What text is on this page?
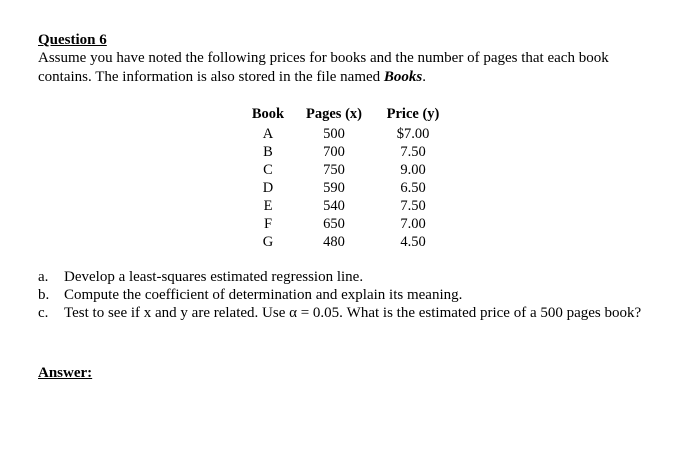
Question 6
Assume you have noted the following prices for books and the number of pages that each book
contains. The information is also stored in the file named Books.
Book	Pages (x)	Price (y)
A	500	$7.00
B	700	7.50
C	750	9.00
D	590	6.50
E	540	7.50
F	650	7.00
G	480	4.50
a.	Develop a least-squares estimated regression line.
b. Compute the coefficient of determination and explain its meaning.
c.	Test to see if x and y are related. Use α = 0.05. What is the estimated price of a 500 pages book?
Answer:
